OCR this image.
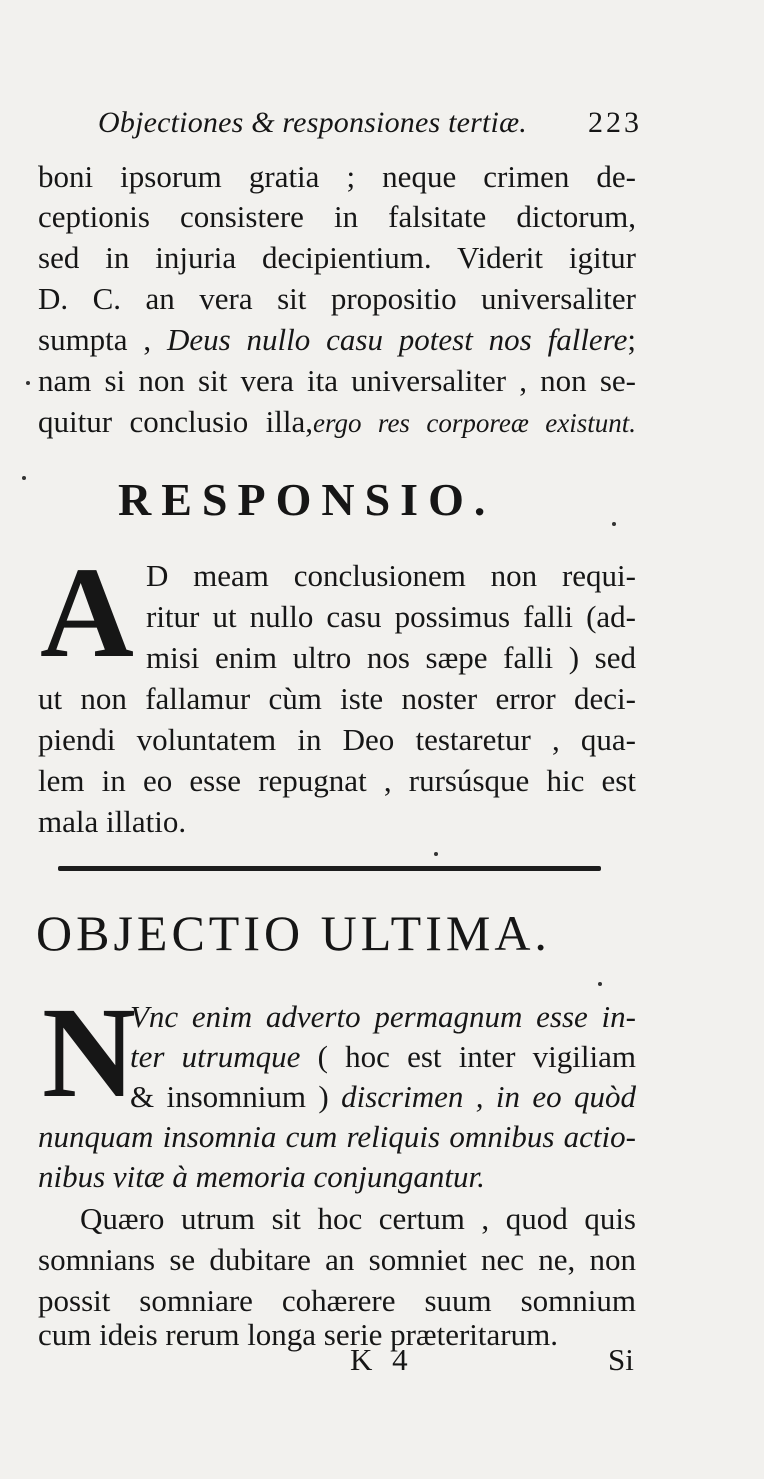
Objectiones & responsiones tertiæ. 223
boni ipsorum gratia ; neque crimen de-
ceptionis consistere in falsitate dictorum,
sed in injuria decipientium. Viderit igitur
D. C. an vera sit propositio universaliter
sumpta , Deus nullo casu potest nos fallere;
nam si non sit vera ita universaliter , non se-
quitur conclusio illa,ergo res corporeæ existunt.
RESPONSIO.
A D meam conclusionem non requi-
ritur ut nullo casu possimus falli (ad-
misi enim ultro nos sæpe falli ) sed
ut non fallamur cùm iste noster error deci-
piendi voluntatem in Deo testaretur , qua-
lem in eo esse repugnat , rursúsque hic est
mala illatio.
OBJECTIO ULTIMA.
N
Vnc enim adverto permagnum esse in-
ter utrumque ( hoc est inter vigiliam
& insomnium ) discrimen , in eo quòd
nunquam insomnia cum reliquis omnibus actio-
nibus vitæ à memoria conjungantur.
Quæro utrum sit hoc certum , quod quis
somnians se dubitare an somniet nec ne, non
possit somniare cohærere suum somnium
cum ideis rerum longa serie præteritarum.
K 4	Si
